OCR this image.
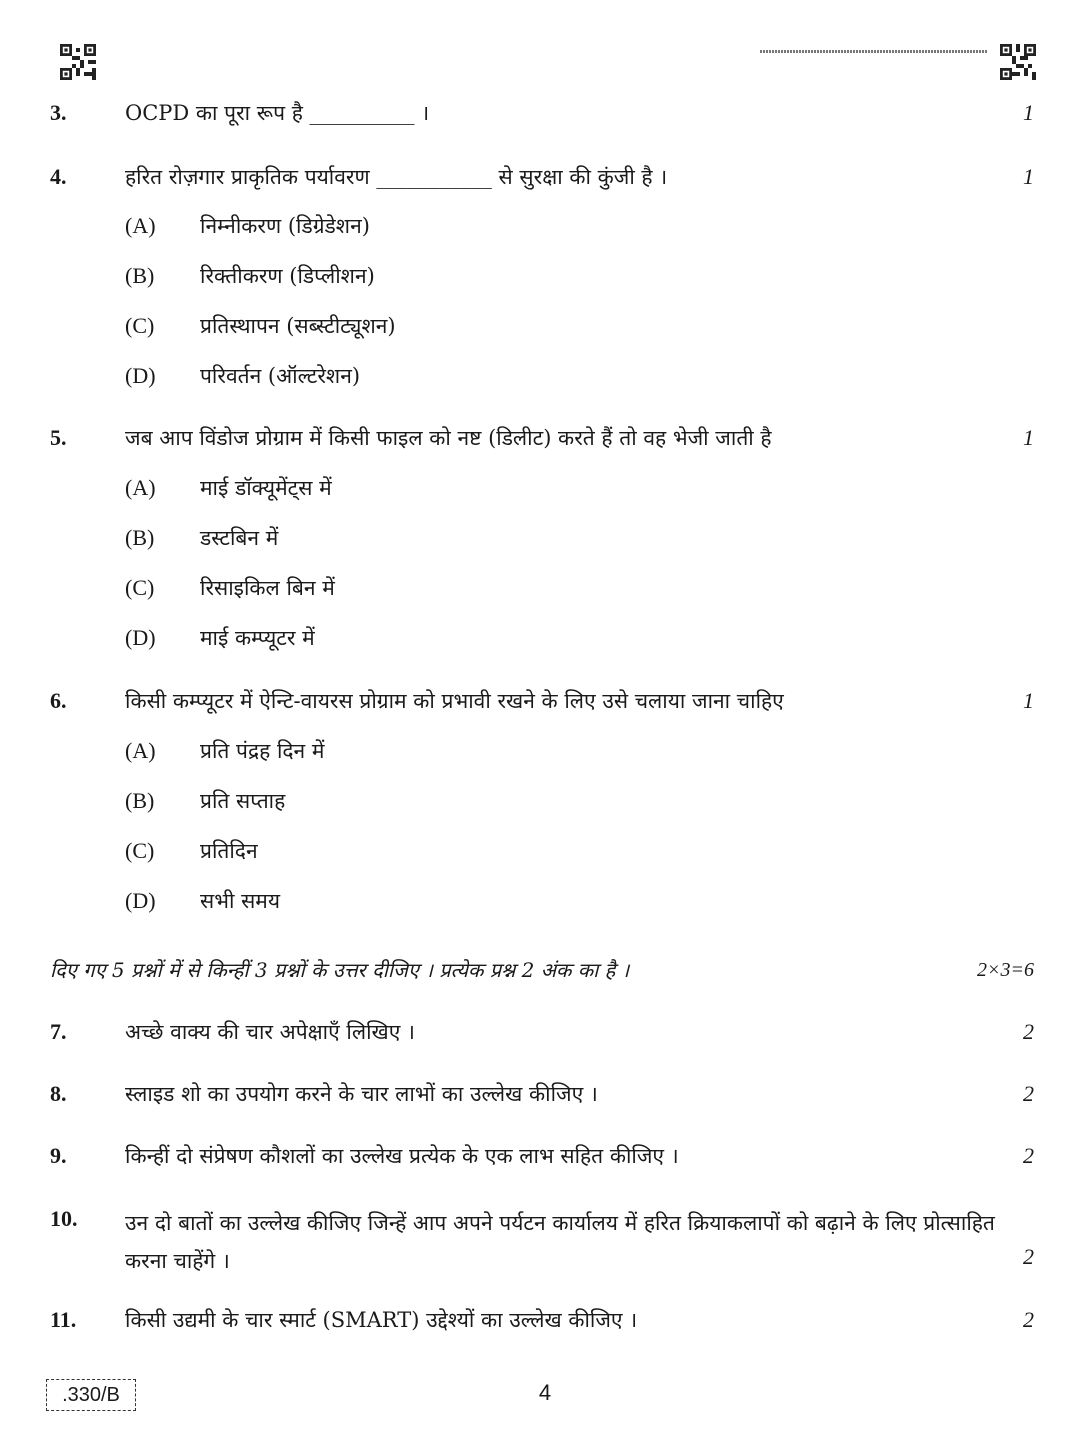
3.	OCPD का पूरा रूप है __________ ।	1
4.	हरित रोज़गार प्राकृतिक पर्यावरण ___________ से सुरक्षा की कुंजी है ।	1
(A) निम्नीकरण (डिग्रेडेशन)
(B) रिक्तीकरण (डिप्लीशन)
(C) प्रतिस्थापन (सब्स्टीट्यूशन)
(D) परिवर्तन (ऑल्टरेशन)
5.	जब आप विंडोज प्रोग्राम में किसी फाइल को नष्ट (डिलीट) करते हैं तो वह भेजी जाती है	1
(A) माई डॉक्यूमेंट्स में
(B) डस्टबिन में
(C) रिसाइकिल बिन में
(D) माई कम्प्यूटर में
6.	किसी कम्प्यूटर में ऐन्टि-वायरस प्रोग्राम को प्रभावी रखने के लिए उसे चलाया जाना चाहिए	1
(A) प्रति पंद्रह दिन में
(B) प्रति सप्ताह
(C) प्रतिदिन
(D) सभी समय
दिए गए 5 प्रश्नों में से किन्हीं 3 प्रश्नों के उत्तर दीजिए । प्रत्येक प्रश्न 2 अंक का है ।	2×3=6
7.	अच्छे वाक्य की चार अपेक्षाएँ लिखिए ।	2
8.	स्लाइड शो का उपयोग करने के चार लाभों का उल्लेख कीजिए ।	2
9.	किन्हीं दो संप्रेषण कौशलों का उल्लेख प्रत्येक के एक लाभ सहित कीजिए ।	2
10. उन दो बातों का उल्लेख कीजिए जिन्हें आप अपने पर्यटन कार्यालय में हरित क्रियाकलापों को बढ़ाने के लिए प्रोत्साहित करना चाहेंगे ।	2
11. किसी उद्यमी के चार स्मार्ट (SMART) उद्देश्यों का उल्लेख कीजिए ।	2
.330/B	4
